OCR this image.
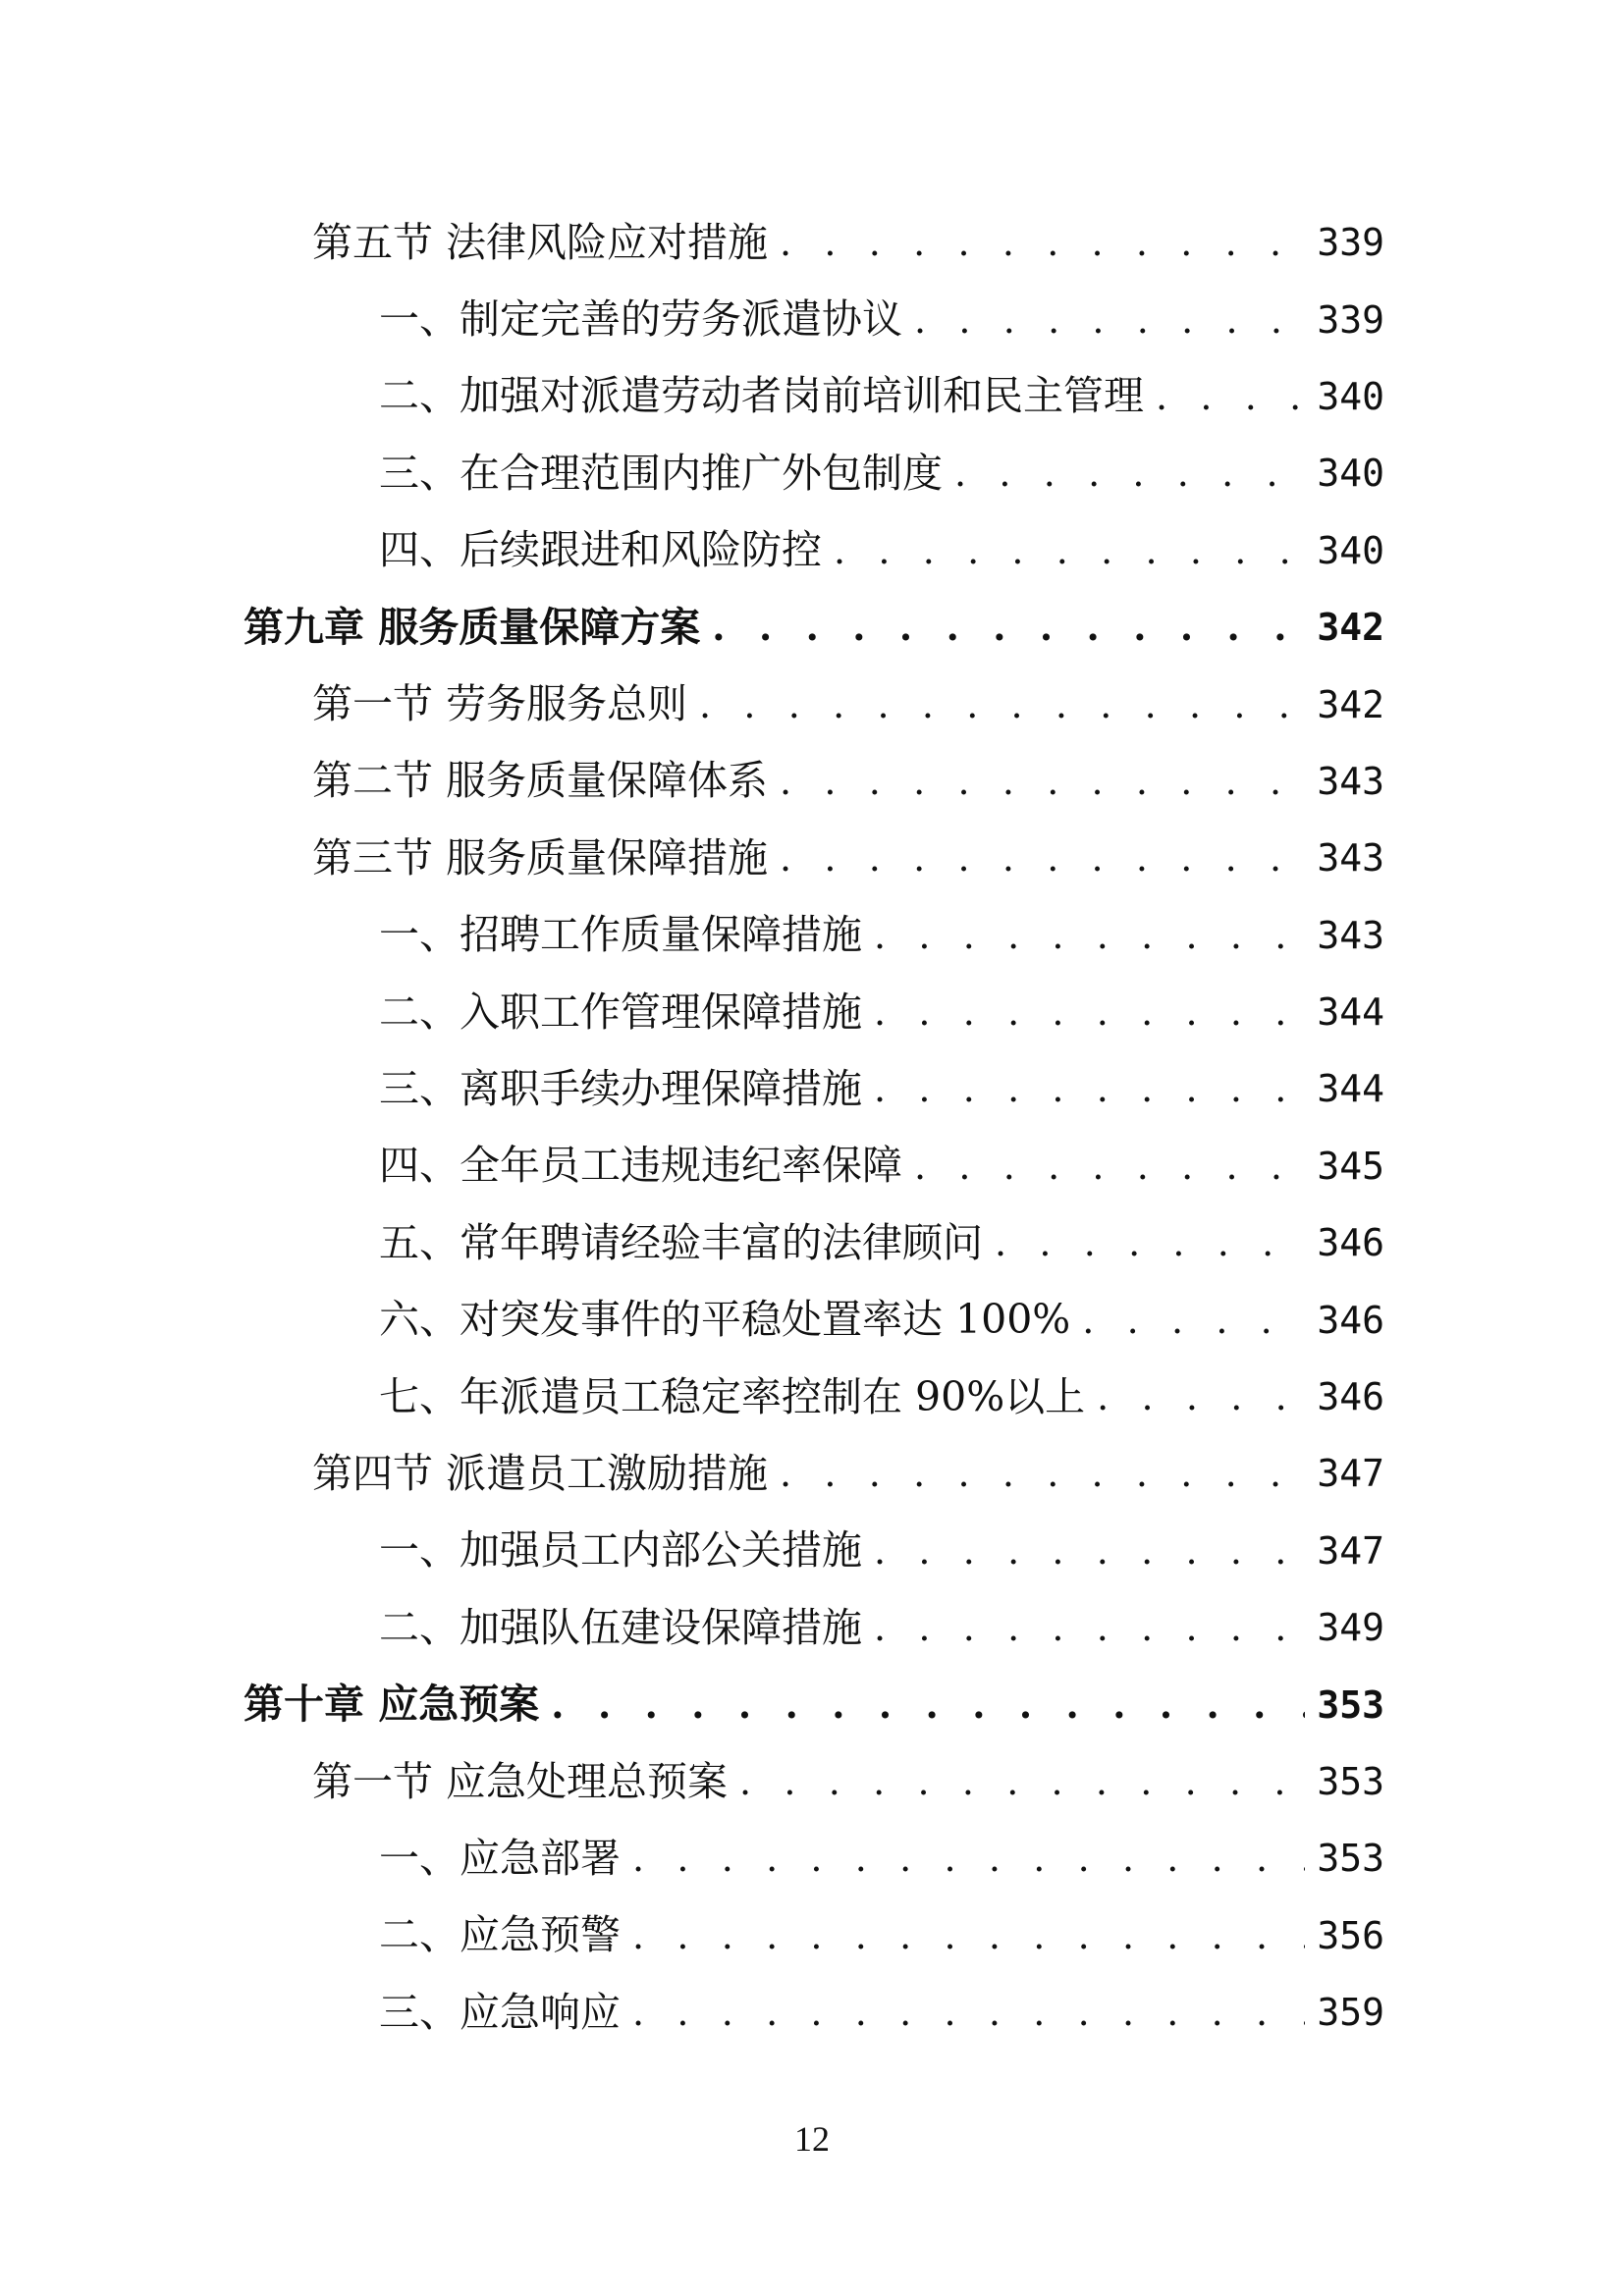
第五节 法律风险应对措施 . . .	339
一、制定完善的劳务派遣协议 . . .	339
二、加强对派遣劳动者岗前培训和民主管理 . . .	340
三、在合理范围内推广外包制度 . . .	340
四、后续跟进和风险防控 . . .	340
第九章 服务质量保障方案 . . .	342
第一节 劳务服务总则 . . .	342
第二节 服务质量保障体系 . . .	343
第三节 服务质量保障措施 . . .	343
一、招聘工作质量保障措施 . . .	343
二、入职工作管理保障措施 . . .	344
三、离职手续办理保障措施 . . .	344
四、全年员工违规违纪率保障 . . .	345
五、常年聘请经验丰富的法律顾问 . . .	346
六、对突发事件的平稳处置率达 100% . . .	346
七、年派遣员工稳定率控制在 90%以上 . . .	346
第四节 派遣员工激励措施 . . .	347
一、加强员工内部公关措施 . . .	347
二、加强队伍建设保障措施 . . .	349
第十章 应急预案 . . .	353
第一节 应急处理总预案 . . .	353
一、应急部署 . . .	353
二、应急预警 . . .	356
三、应急响应 . . .	359
12
